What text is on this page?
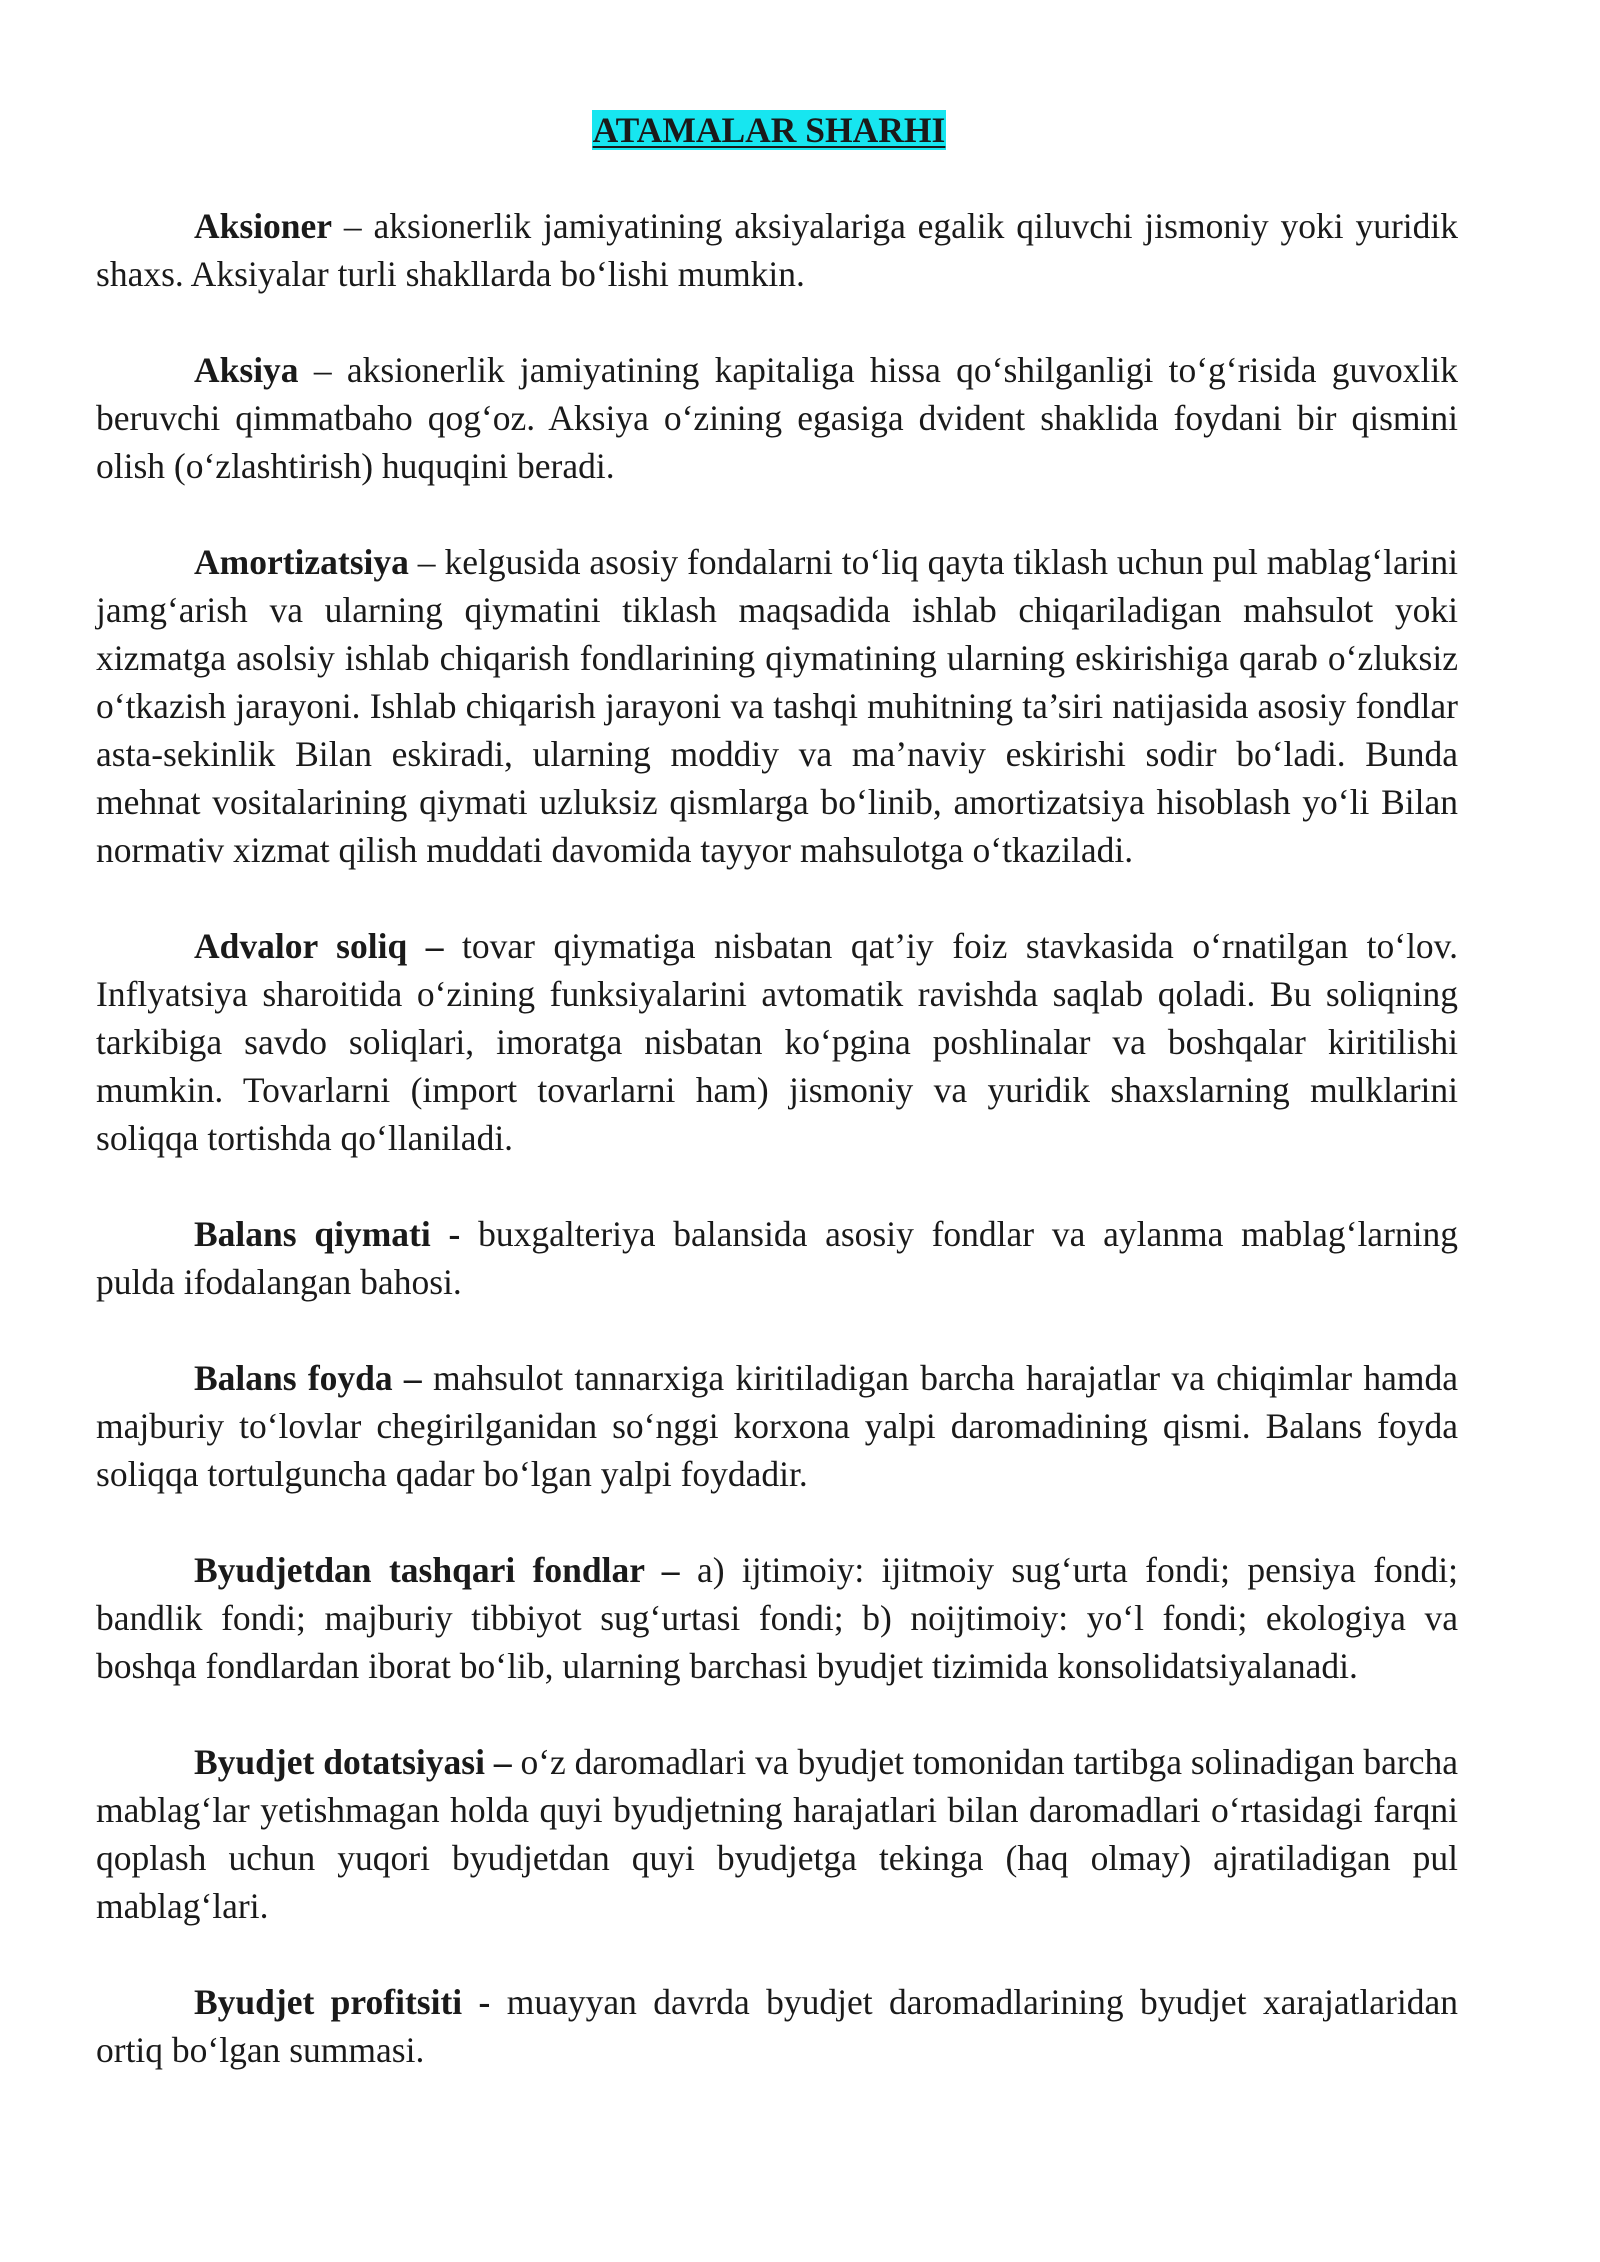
ATAMALAR SHARHI

Aksioner – aksionerlik jamiyatining aksiyalariga egalik qiluvchi jismoniy yoki yuridik shaxs. Aksiyalar turli shakllarda bo‘lishi mumkin.

Aksiya – aksionerlik jamiyatining kapitaliga hissa qo‘shilganligi to‘g‘risida guvoxlik beruvchi qimmatbaho qog‘oz. Aksiya o‘zining egasiga dvident shaklida foydani bir qismini olish (o‘zlashtirish) huquqini beradi.

Amortizatsiya – kelgusida asosiy fondalarni to‘liq qayta tiklash uchun pul mablag‘larini jamg‘arish va ularning qiymatini tiklash maqsadida ishlab chiqariladigan mahsulot yoki xizmatga asolsiy ishlab chiqarish fondlarining qiymatining ularning eskirishiga qarab o‘zluksiz o‘tkazish jarayoni. Ishlab chiqarish jarayoni va tashqi muhitning ta’siri natijasida asosiy fondlar asta-sekinlik Bilan eskiradi, ularning moddiy va ma’naviy eskirishi sodir bo‘ladi. Bunda mehnat vositalarining qiymati uzluksiz qismlarga bo‘linib, amortizatsiya hisoblash yo‘li Bilan normativ xizmat qilish muddati davomida tayyor mahsulotga o‘tkaziladi.

Advalor soliq – tovar qiymatiga nisbatan qat’iy foiz stavkasida o‘rnatilgan to‘lov. Inflyatsiya sharoitida o‘zining funksiyalarini avtomatik ravishda saqlab qoladi. Bu soliqning tarkibiga savdo soliqlari, imoratga nisbatan ko‘pgina poshlinalar va boshqalar kiritilishi mumkin. Tovarlarni (import tovarlarni ham) jismoniy va yuridik shaxslarning mulklarini soliqqa tortishda qo‘llaniladi.

Balans qiymati - buxgalteriya balansida asosiy fondlar va aylanma mablag‘larning pulda ifodalangan bahosi.

Balans foyda – mahsulot tannarxiga kiritiladigan barcha harajatlar va chiqimlar hamda majburiy to‘lovlar chegirilganidan so‘nggi korxona yalpi daromadining qismi. Balans foyda soliqqa tortulguncha qadar bo‘lgan yalpi foydadir.

Byudjetdan tashqari fondlar – a) ijtimoiy: ijitmoiy sug‘urta fondi; pensiya fondi; bandlik fondi; majburiy tibbiyot sug‘urtasi fondi; b) noijtimoiy: yo‘l fondi; ekologiya va boshqa fondlardan iborat bo‘lib, ularning barchasi byudjet tizimida konsolidatsiyalanadi.

Byudjet dotatsiyasi – o‘z daromadlari va byudjet tomonidan tartibga solinadigan barcha mablag‘lar yetishmagan holda quyi byudjetning harajatlari bilan daromadlari o‘rtasidagi farqni qoplash uchun yuqori byudjetdan quyi byudjetga tekinga (haq olmay) ajratiladigan pul mablag‘lari.

Byudjet profitsiti - muayyan davrda byudjet daromadlarining byudjet xarajatlaridan ortiq bo‘lgan summasi.
